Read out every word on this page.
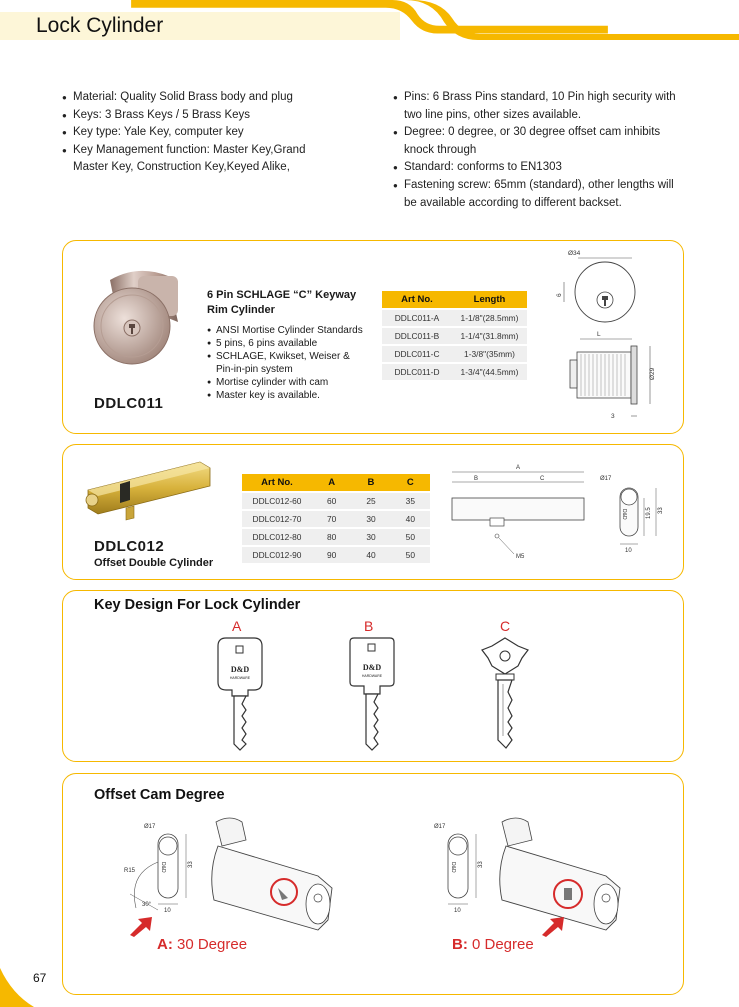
Lock Cylinder
● Material: Quality Solid Brass body and plug
● Keys: 3 Brass Keys / 5 Brass Keys
● Key type: Yale Key, computer key
● Key Management function: Master Key,Grand Master Key, Construction Key,Keyed Alike,
● Pins: 6 Brass Pins standard, 10 Pin high security with two line pins, other sizes available.
● Degree: 0 degree, or 30 degree offset cam inhibits knock through
● Standard: conforms to EN1303
● Fastening screw: 65mm (standard), other lengths will be available according to different backset.
DDLC011
6 Pin SCHLAGE “C” Keyway
Rim Cylinder
● ANSI Mortise Cylinder Standards
● 5 pins, 6 pins available
● SCHLAGE, Kwikset, Weiser & Pin-in-pin system
● Mortise cylinder with cam
● Master key is available.
Art No.	Length
DDLC011-A	1-1/8"(28.5mm)
DDLC011-B	1-1/4"(31.8mm)
DDLC011-C	1-3/8"(35mm)
DDLC011-D	1-3/4"(44.5mm)
Ø34
6
L
Ø29
3
DDLC012
Offset Double Cylinder
Art No.	A	B	C
DDLC012-60	60	25	35
DDLC012-70	70	30	40
DDLC012-80	80	30	50
DDLC012-90	90	40	50
A
B	C
M5
Ø17
D&D	19.5 33
10
Key Design For Lock Cylinder
A	B	C
D&D
HARDWARE
D&D
HARDWARE
Offset Cam Degree
Ø17
D&D
R15
30°
33
10
Ø17
D&D	33
10
A: 30 Degree	B: 0 Degree
67
